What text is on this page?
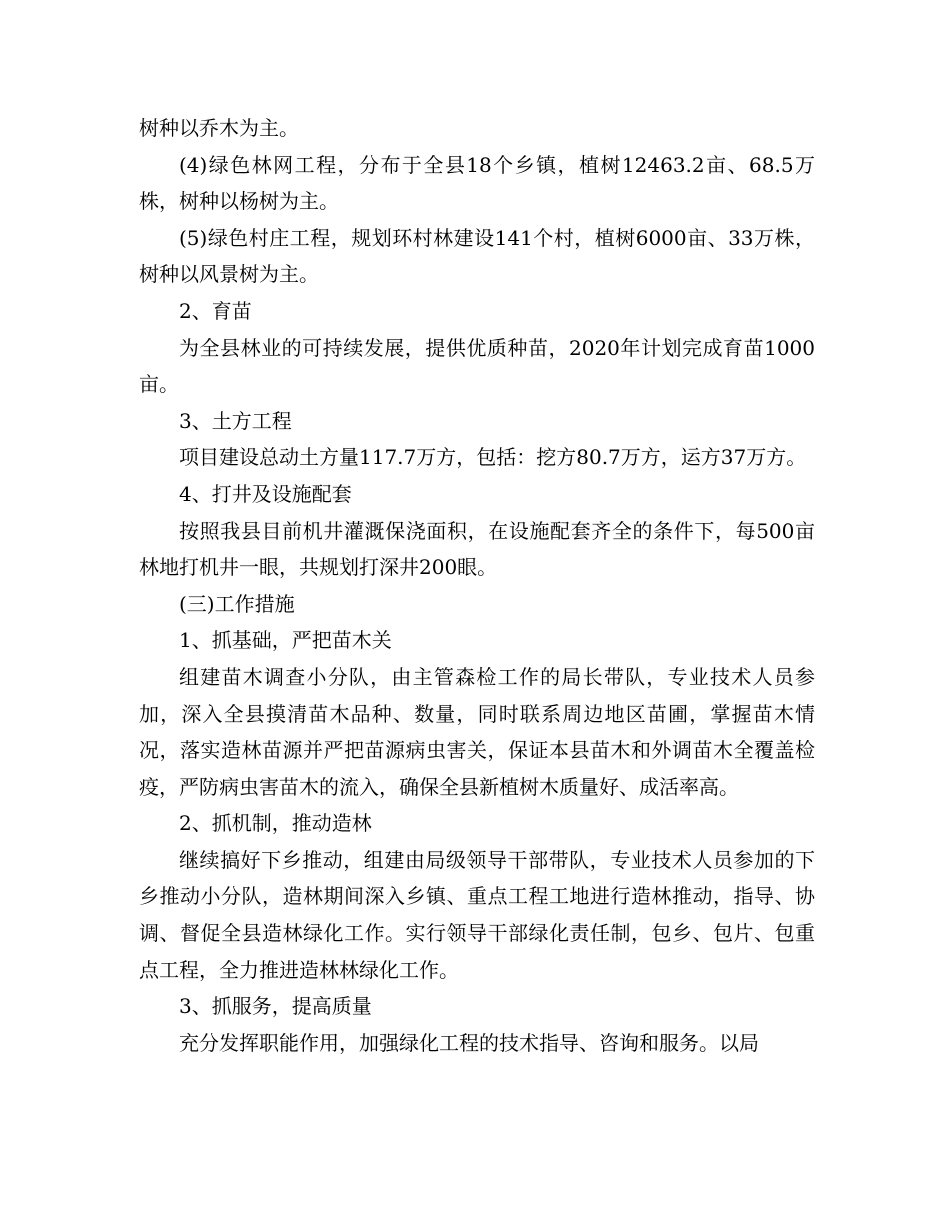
树种以乔木为主。

(4)绿色林网工程，分布于全县18个乡镇，植树12463.2亩、68.5万株，树种以杨树为主。

(5)绿色村庄工程，规划环村林建设141个村，植树6000亩、33万株，树种以风景树为主。

2、育苗

为全县林业的可持续发展，提供优质种苗，2020年计划完成育苗1000亩。

3、土方工程

项目建设总动土方量117.7万方，包括：挖方80.7万方，运方37万方。

4、打井及设施配套

按照我县目前机井灌溉保浇面积，在设施配套齐全的条件下，每500亩林地打机井一眼，共规划打深井200眼。

(三)工作措施

1、抓基础，严把苗木关

组建苗木调查小分队，由主管森检工作的局长带队，专业技术人员参加，深入全县摸清苗木品种、数量，同时联系周边地区苗圃，掌握苗木情况，落实造林苗源并严把苗源病虫害关，保证本县苗木和外调苗木全覆盖检疫，严防病虫害苗木的流入，确保全县新植树木质量好、成活率高。

2、抓机制，推动造林

继续搞好下乡推动，组建由局级领导干部带队，专业技术人员参加的下乡推动小分队，造林期间深入乡镇、重点工程工地进行造林推动，指导、协调、督促全县造林绿化工作。实行领导干部绿化责任制，包乡、包片、包重点工程，全力推进造林林绿化工作。

3、抓服务，提高质量

充分发挥职能作用，加强绿化工程的技术指导、咨询和服务。以局
